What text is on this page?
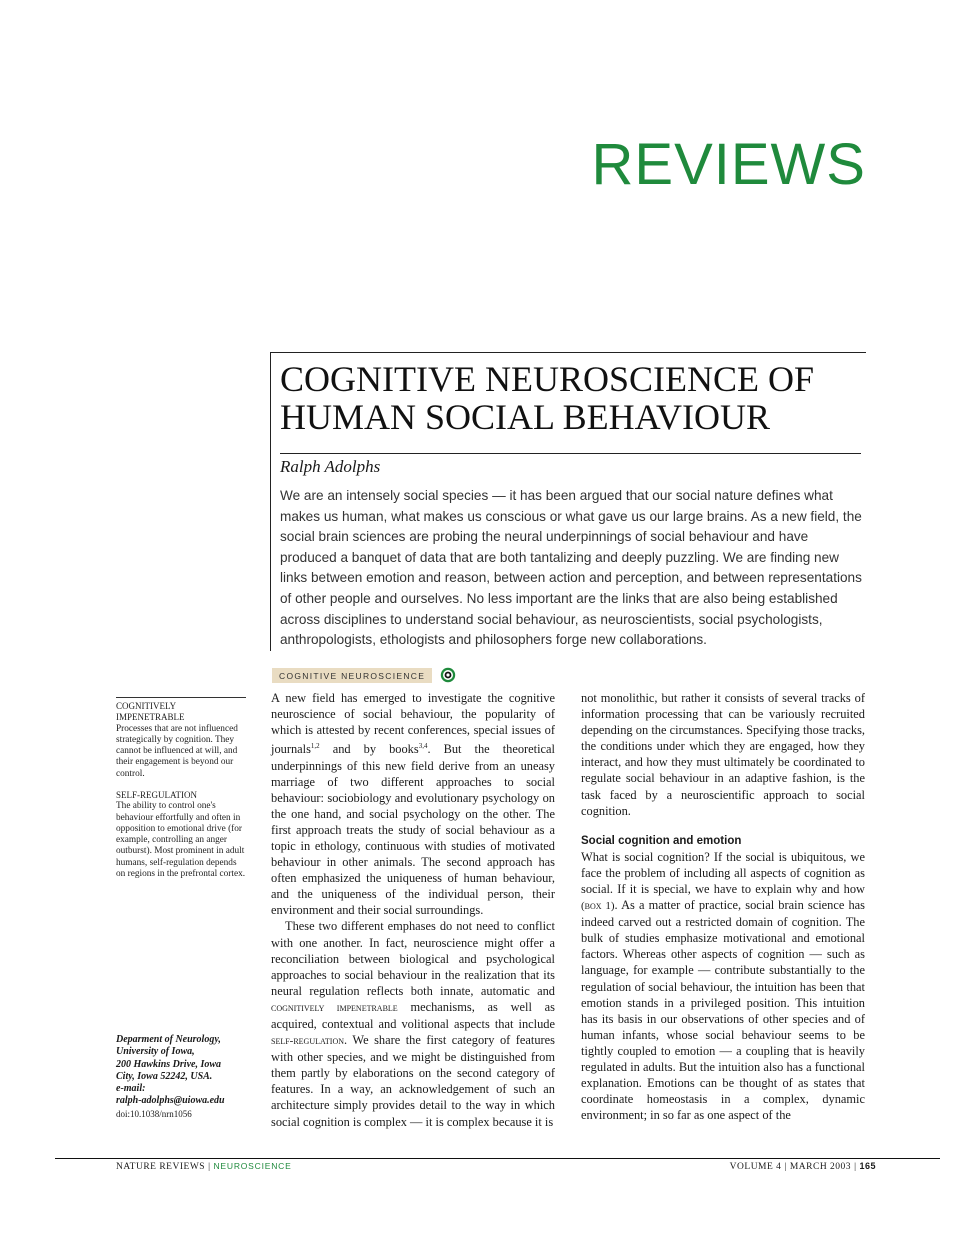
REVIEWS
COGNITIVE NEUROSCIENCE OF
HUMAN SOCIAL BEHAVIOUR
Ralph Adolphs
We are an intensely social species — it has been argued that our social nature defines what makes us human, what makes us conscious or what gave us our large brains. As a new field, the social brain sciences are probing the neural underpinnings of social behaviour and have produced a banquet of data that are both tantalizing and deeply puzzling. We are finding new links between emotion and reason, between action and perception, and between representations of other people and ourselves. No less important are the links that are also being established across disciplines to understand social behaviour, as neuroscientists, social psychologists, anthropologists, ethologists and philosophers forge new collaborations.
COGNITIVE NEUROSCIENCE
COGNITIVELY IMPENETRABLE
Processes that are not influenced strategically by cognition. They cannot be influenced at will, and their engagement is beyond our control.
SELF-REGULATION
The ability to control one's behaviour effortfully and often in opposition to emotional drive (for example, controlling an anger outburst). Most prominent in adult humans, self-regulation depends on regions in the prefrontal cortex.
Deparment of Neurology,
University of Iowa,
200 Hawkins Drive, Iowa
City, Iowa 52242, USA.
e-mail:
ralph-adolphs@uiowa.edu
doi:10.1038/nrn1056

A new field has emerged to investigate the cognitive neuroscience of social behaviour, the popularity of which is attested by recent conferences, special issues of journals$^{1,2}$ and by books$^{3,4}$. But the theoretical underpinnings of this new field derive from an uneasy marriage of two different approaches to social behaviour: sociobiology and evolutionary psychology on the one hand, and social psychology on the other. The first approach treats the study of social behaviour as a topic in ethology, continuous with studies of motivated behaviour in other animals. The second approach has often emphasized the uniqueness of human behaviour, and the uniqueness of the individual person, their environment and their social surroundings.

These two different emphases do not need to conflict with one another. In fact, neuroscience might offer a reconciliation between biological and psychological approaches to social behaviour in the realization that its neural regulation reflects both innate, automatic and cognitively impenetrable mechanisms, as well as acquired, contextual and volitional aspects that include self-regulation. We share the first category of features with other species, and we might be distinguished from them partly by elaborations on the second category of features. In a way, an acknowledgement of such an architecture simply provides detail to the way in which social cognition is complex — it is complex because it is

not monolithic, but rather it consists of several tracks of information processing that can be variously recruited depending on the circumstances. Specifying those tracks, the conditions under which they are engaged, how they interact, and how they must ultimately be coordinated to regulate social behaviour in an adaptive fashion, is the task faced by a neuroscientific approach to social cognition.

Social cognition and emotion

What is social cognition? If the social is ubiquitous, we face the problem of including all aspects of cognition as social. If it is special, we have to explain why and how (box 1). As a matter of practice, social brain science has indeed carved out a restricted domain of cognition. The bulk of studies emphasize motivational and emotional factors. Whereas other aspects of cognition — such as language, for example — contribute substantially to the regulation of social behaviour, the intuition has been that emotion stands in a privileged position. This intuition has its basis in our observations of other species and of human infants, whose social behaviour seems to be tightly coupled to emotion — a coupling that is heavily regulated in adults. But the intuition also has a functional explanation. Emotions can be thought of as states that coordinate homeostasis in a complex, dynamic environment; in so far as one aspect of the

NATURE REVIEWS | NEUROSCIENCE	VOLUME 4 | MARCH 2003 | 165
